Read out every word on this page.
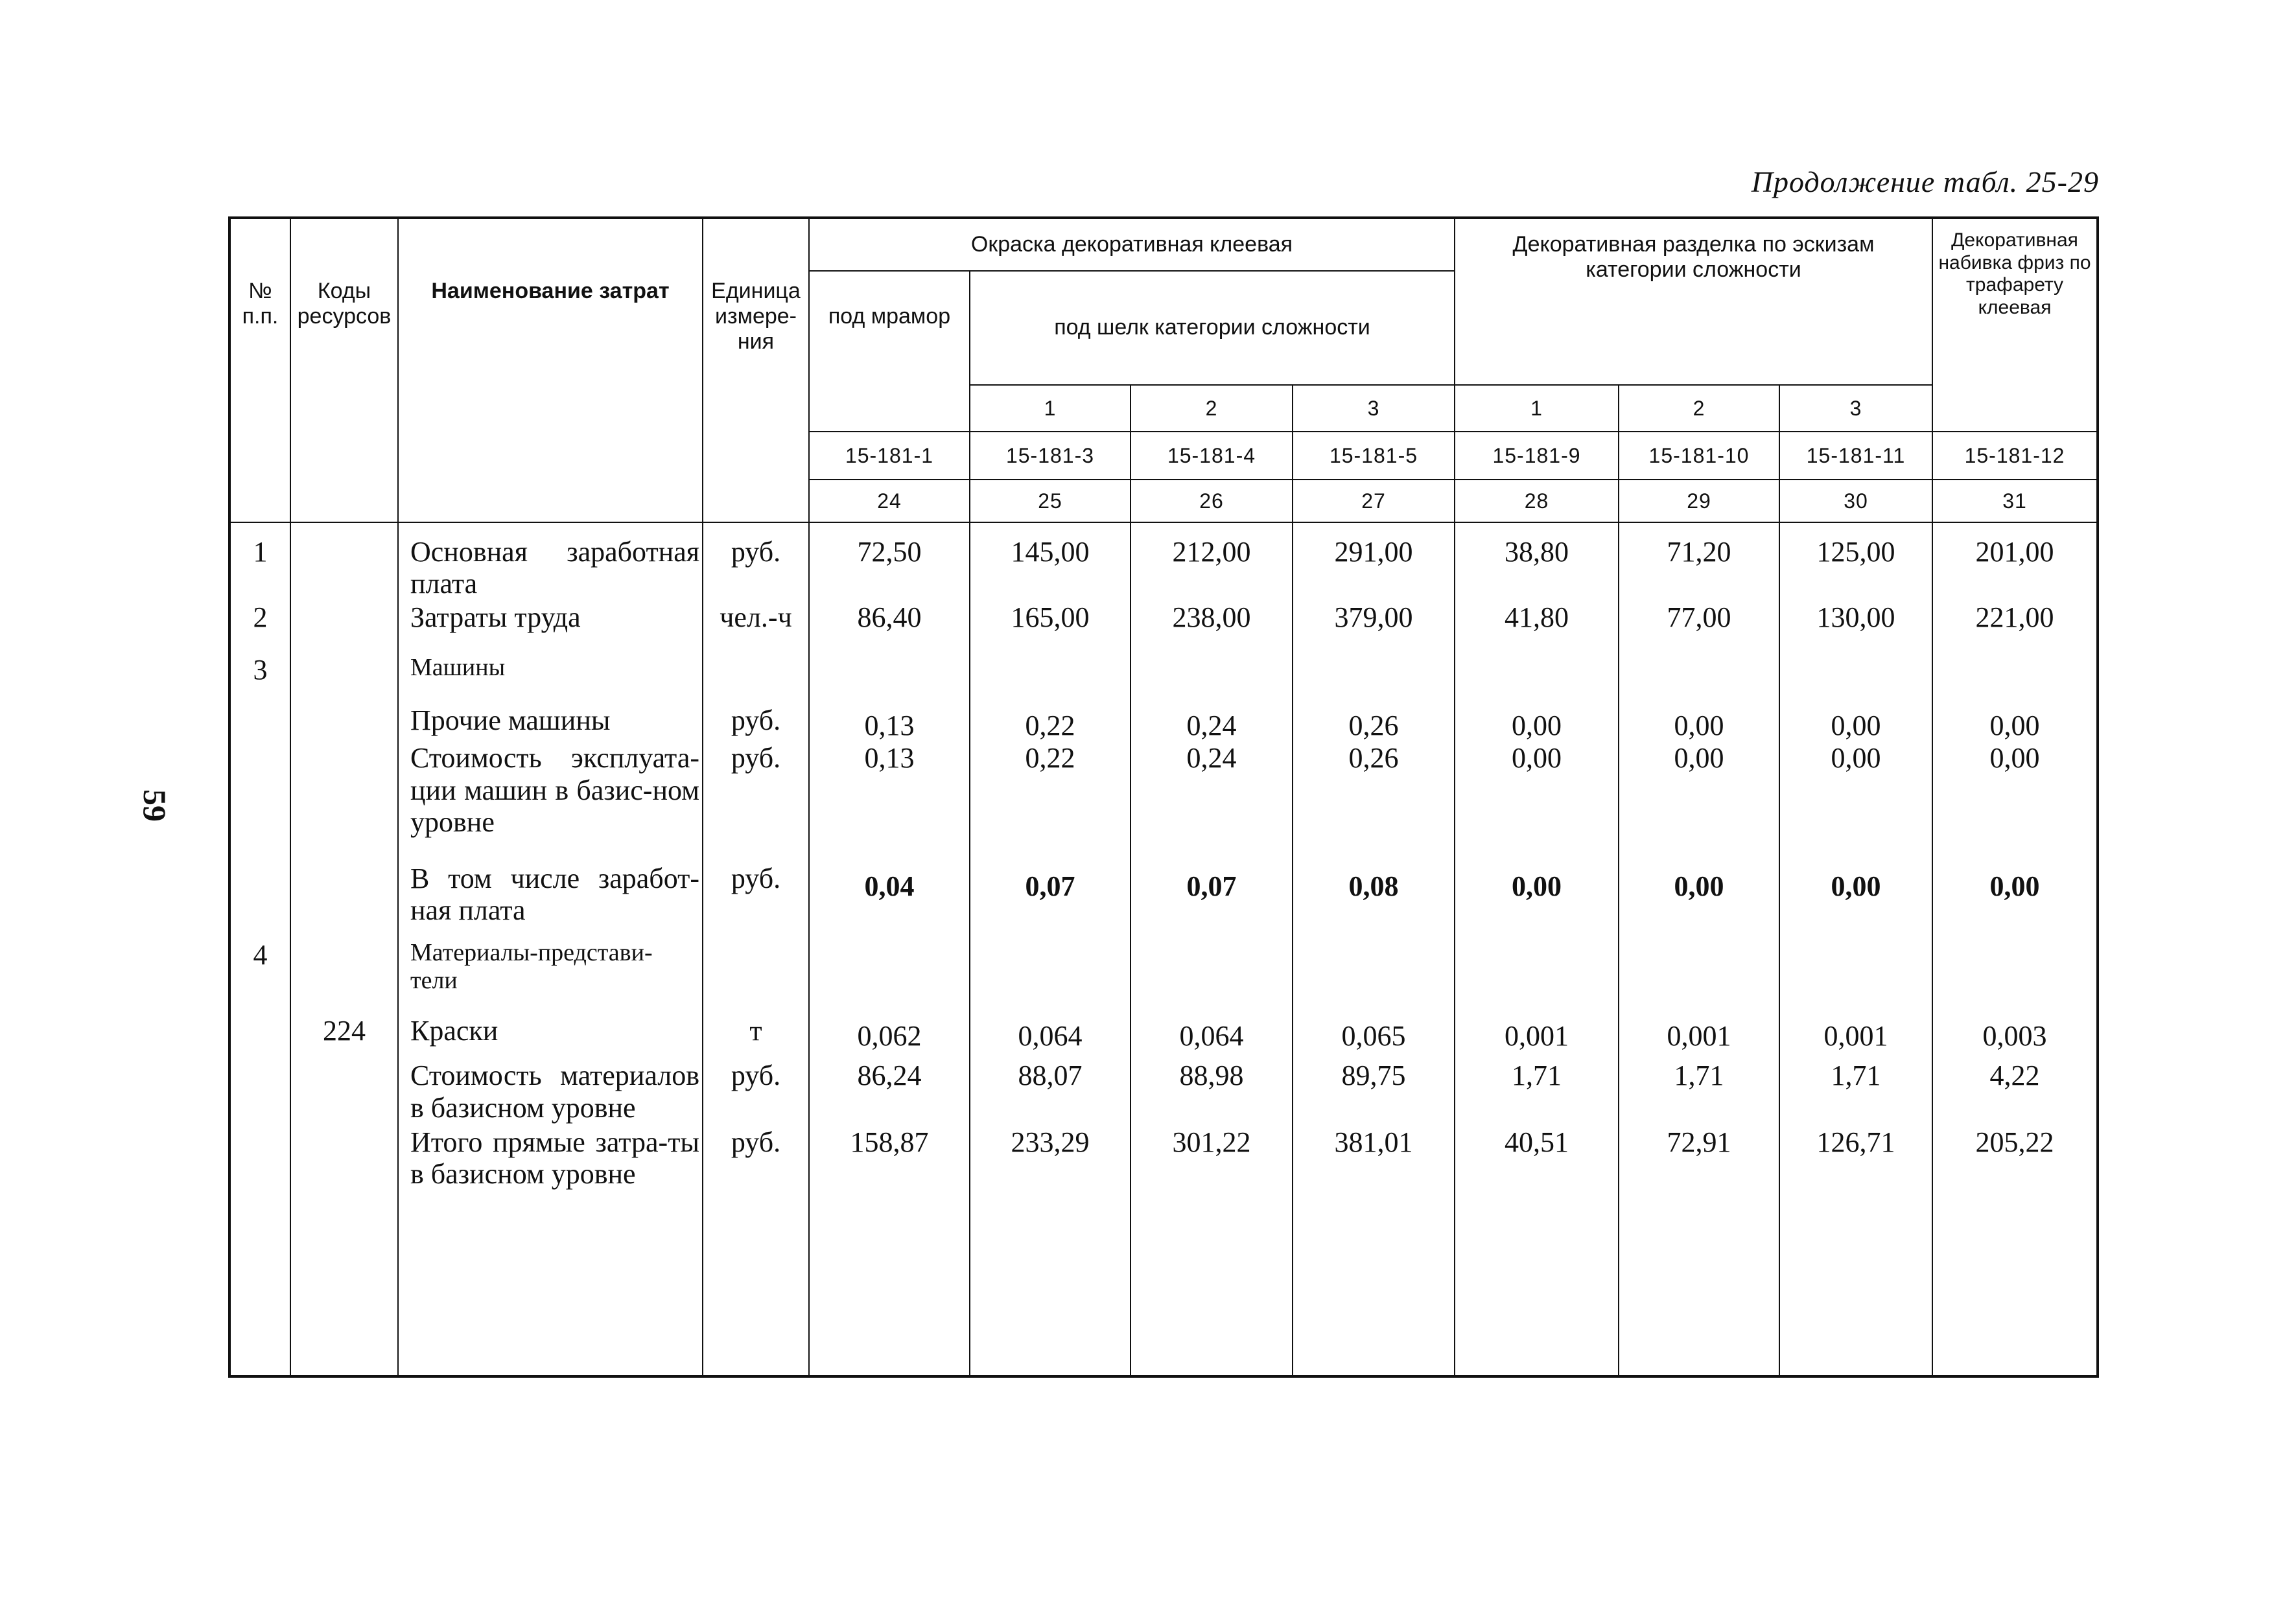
Продолжение табл. 25-29
59
№ п.п.	Коды ресурсов	Наименование затрат	Единица измере-ния	Окраска декоративная клеевая				Декоративная разделка по эскизам категории сложности			Декоративная набивка фриз по трафарету клеевая
				под мрамор	под шелк категории сложности						
					1	2	3	1	2	3	
				15-181-1	15-181-3	15-181-4	15-181-5	15-181-9	15-181-10	15-181-11	15-181-12
				24	25	26	27	28	29	30	31
1		Основная заработная плата	руб.	72,50	145,00	212,00	291,00	38,80	71,20	125,00	201,00
2		Затраты труда	чел.-ч	86,40	165,00	238,00	379,00	41,80	77,00	130,00	221,00
3		Машины									
		Прочие машины	руб.	0,13	0,22	0,24	0,26	0,00	0,00	0,00	0,00
		Стоимость эксплуата-ции машин в базис-ном уровне	руб.	0,13	0,22	0,24	0,26	0,00	0,00	0,00	0,00
		В том числе заработ-ная плата	руб.	0,04	0,07	0,07	0,08	0,00	0,00	0,00	0,00
4		Материалы-представи-тели									
	224	Краски	т	0,062	0,064	0,064	0,065	0,001	0,001	0,001	0,003
		Стоимость материалов в базисном уровне	руб.	86,24	88,07	88,98	89,75	1,71	1,71	1,71	4,22
		Итого прямые затра-ты в базисном уровне	руб.	158,87	233,29	301,22	381,01	40,51	72,91	126,71	205,22
